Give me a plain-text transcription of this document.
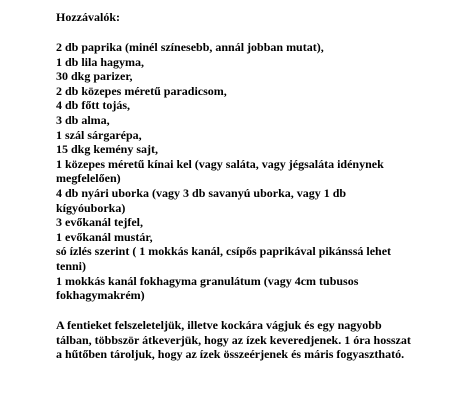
Hozzávalók:
2 db paprika (minél színesebb, annál jobban mutat),
1 db lila hagyma,
30 dkg parizer,
2 db közepes méretű paradicsom,
4 db főtt tojás,
3 db alma,
1 szál sárgarépa,
15 dkg kemény sajt,
1 közepes méretű kínai kel (vagy saláta, vagy jégsaláta idénynek megfelelően)
4 db nyári uborka (vagy 3 db savanyú uborka, vagy 1 db kígyóuborka)
3 evőkanál tejfel,
1 evőkanál mustár,
só ízlés szerint ( 1 mokkás kanál, csípős paprikával pikánssá lehet tenni)
1 mokkás kanál fokhagyma granulátum (vagy 4cm tubusos fokhagymakrém)

A fentieket felszeleteljük, illetve kockára vágjuk és egy nagyobb tálban, többször átkeverjük, hogy az ízek keveredjenek. 1 óra hosszat a hűtőben tároljuk, hogy az ízek összeérjenek és máris fogyasztható.
